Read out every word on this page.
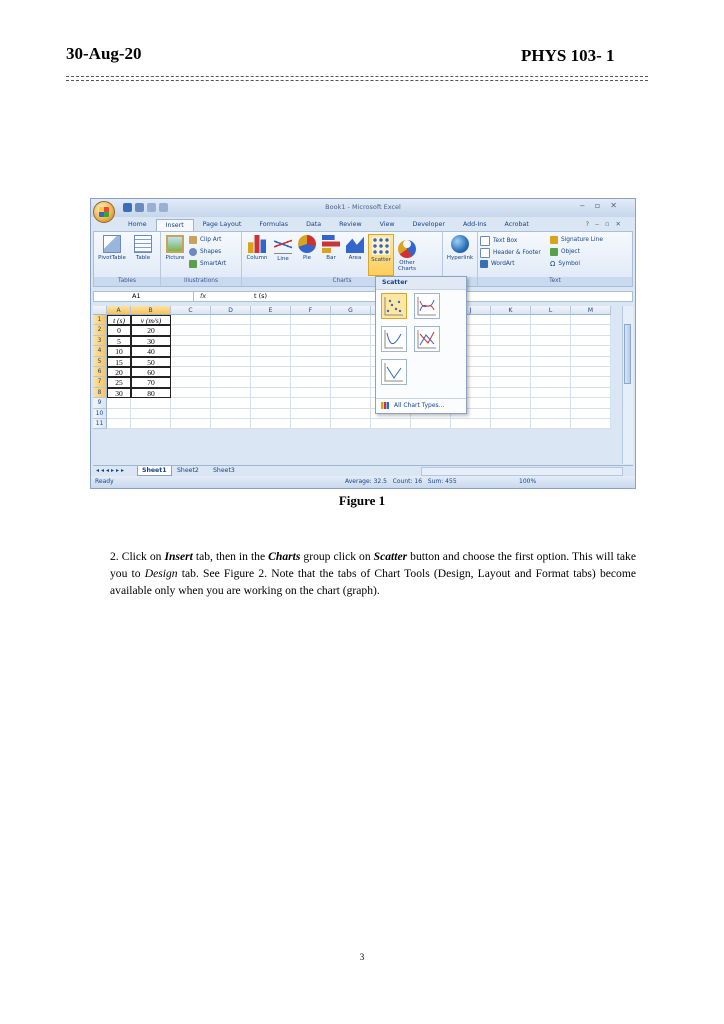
30-Aug-20	PHYS 103- 1
Book1 - Microsoft Excel	‒▫✕
Home	Insert	Page Layout	Formulas	Data	Review	View	Developer	Add-Ins	Acrobat	?‒▫✕
PivotTable	Table
Tables
Picture
Clip Art
Shapes
SmartArt
Illustrations
Column	Line	Pie	Bar	Area	Scatter	Other
Charts
Charts
Hyperlink
Text Box
Header & Footer
WordArt
Signature Line
Object
Ω Symbol
Text
A1	fx	t (s)
A	B	C	D	E	F	G	J	K	L	M
1	t (s)	v (m/s)
2	0	20
3	5	30
4	10	40
5	15	50
6	20	60
7	25	70
8	30	80
9
10
11
◂◂◂▸▸▸	Sheet1	Sheet2	Sheet3
Ready	Average: 32.5 Count: 16 Sum: 455	100%
Scatter
All Chart Types...
Figure 1
2. Click on Insert tab, then in the Charts group click on Scatter button and choose the first option. This will take you to Design tab. See Figure 2. Note that the tabs of Chart Tools (Design, Layout and Format tabs) become available only when you are working on the chart (graph).
3
